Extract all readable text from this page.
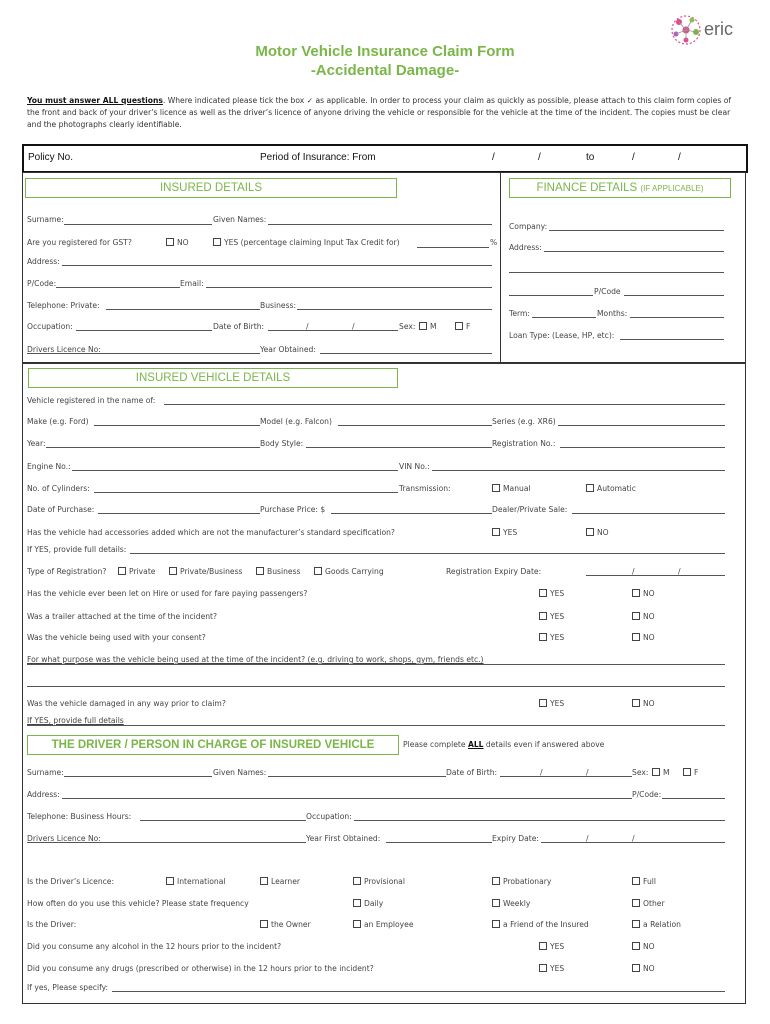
eric
Motor Vehicle Insurance Claim Form
-Accidental Damage-
You must answer ALL questions. Where indicated please tick the box ✓ as applicable. In order to process your claim as quickly as possible, please attach to this claim form copies of the front and back of your driver’s licence as well as the driver’s licence of anyone driving the vehicle or responsible for the vehicle at the time of the incident. The copies must be clear and the photographs clearly identifiable.
Policy No.	Period of Insurance: From	/	/	to	/	/
INSURED DETAILS	FINANCE DETAILS (IF APPLICABLE)
Surname:	Given Names:
Are you registered for GST?	NO	YES (percentage claiming Input Tax Credit for)	%
Address:
P/Code:	Email:
Telephone: Private:	Business:
Occupation:	Date of Birth:	/	/	Sex:	M	F
Drivers Licence No:	Year Obtained:
Company:
Address:
P/Code
Term:	Months:
Loan Type: (Lease, HP, etc):
INSURED VEHICLE DETAILS
Vehicle registered in the name of:
Make (e.g. Ford)	Model (e.g. Falcon)	Series (e.g. XR6)
Year:	Body Style:	Registration No.:
Engine No.:	VIN No.:
No. of Cylinders:	Transmission:	Manual	Automatic
Date of Purchase:	Purchase Price: $	Dealer/Private Sale:
Has the vehicle had accessories added which are not the manufacturer’s standard specification?	YES	NO
If YES, provide full details:
Type of Registration?	Private	Private/Business	Business	Goods Carrying	Registration Expiry Date:	/	/
Has the vehicle ever been let on Hire or used for fare paying passengers?	YES	NO
Was a trailer attached at the time of the incident?	YES	NO
Was the vehicle being used with your consent?	YES	NO
For what purpose was the vehicle being used at the time of the incident? (e.g. driving to work, shops, gym, friends etc.)
Was the vehicle damaged in any way prior to claim?	YES	NO
If YES, provide full details
THE DRIVER / PERSON IN CHARGE OF INSURED VEHICLE	Please complete ALL details even if answered above
Surname:	Given Names:	Date of Birth:	/	/	Sex:	M	F
Address:	P/Code:
Telephone: Business Hours:	Occupation:
Drivers Licence No:	Year First Obtained:	Expiry Date:	/	/
Is the Driver’s Licence:	International	Learner	Provisional	Probationary	Full
How often do you use this vehicle? Please state frequency	Daily	Weekly	Other
Is the Driver:	the Owner	an Employee	a Friend of the Insured	a Relation
Did you consume any alcohol in the 12 hours prior to the incident?	YES	NO
Did you consume any drugs (prescribed or otherwise) in the 12 hours prior to the incident?	YES	NO
If yes, Please specify:
